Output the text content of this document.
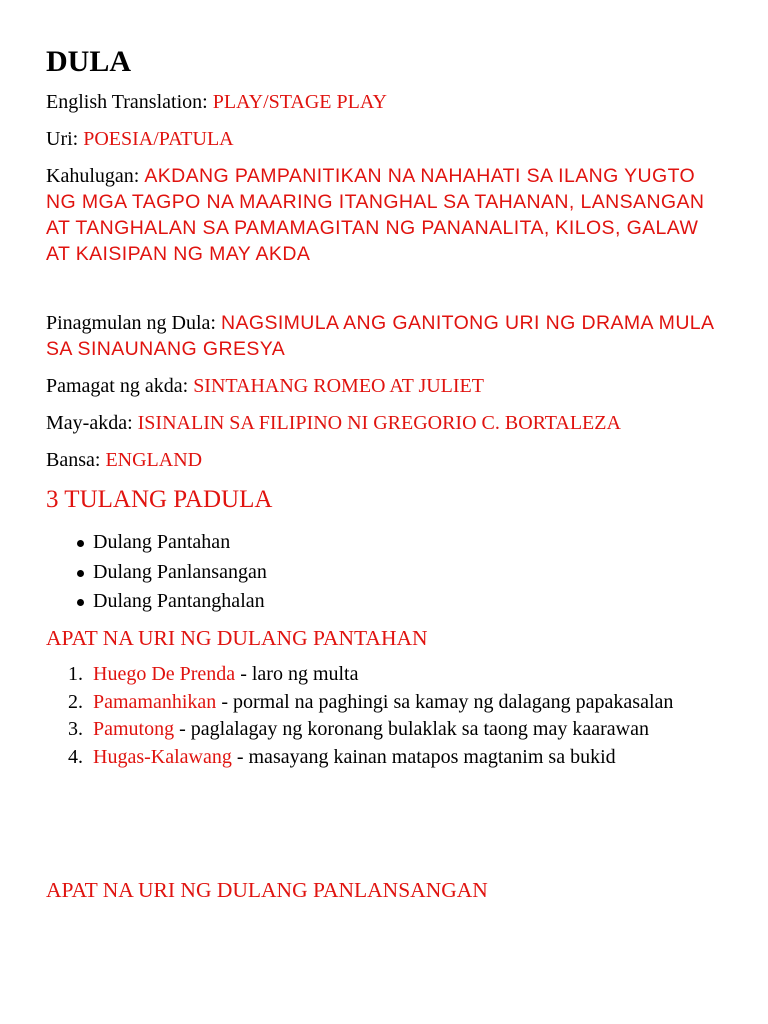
DULA

English Translation: PLAY/STAGE PLAY

Uri: POESIA/PATULA

Kahulugan: AKDANG PAMPANITIKAN NA NAHAHATI SA ILANG YUGTO NG MGA TAGPO NA MAARING ITANGHAL SA TAHANAN, LANSANGAN AT TANGHALAN SA PAMAMAGITAN NG PANANALITA, KILOS, GALAW AT KAISIPAN NG MAY AKDA

Pinagmulan ng Dula: NAGSIMULA ANG GANITONG URI NG DRAMA MULA SA SINAUNANG GRESYA

Pamagat ng akda: SINTAHANG ROMEO AT JULIET

May-akda: ISINALIN SA FILIPINO NI GREGORIO C. BORTALEZA

Bansa: ENGLAND

3 TULANG PADULA
Dulang Pantahan
Dulang Panlansangan
Dulang Pantanghalan
APAT NA URI NG DULANG PANTAHAN
1. Huego De Prenda - laro ng multa
2. Pamamanhikan - pormal na paghingi sa kamay ng dalagang papakasalan
3. Pamutong - paglalagay ng koronang bulaklak sa taong may kaarawan
4. Hugas-Kalawang - masayang kainan matapos magtanim sa bukid
APAT NA URI NG DULANG PANLANSANGAN
